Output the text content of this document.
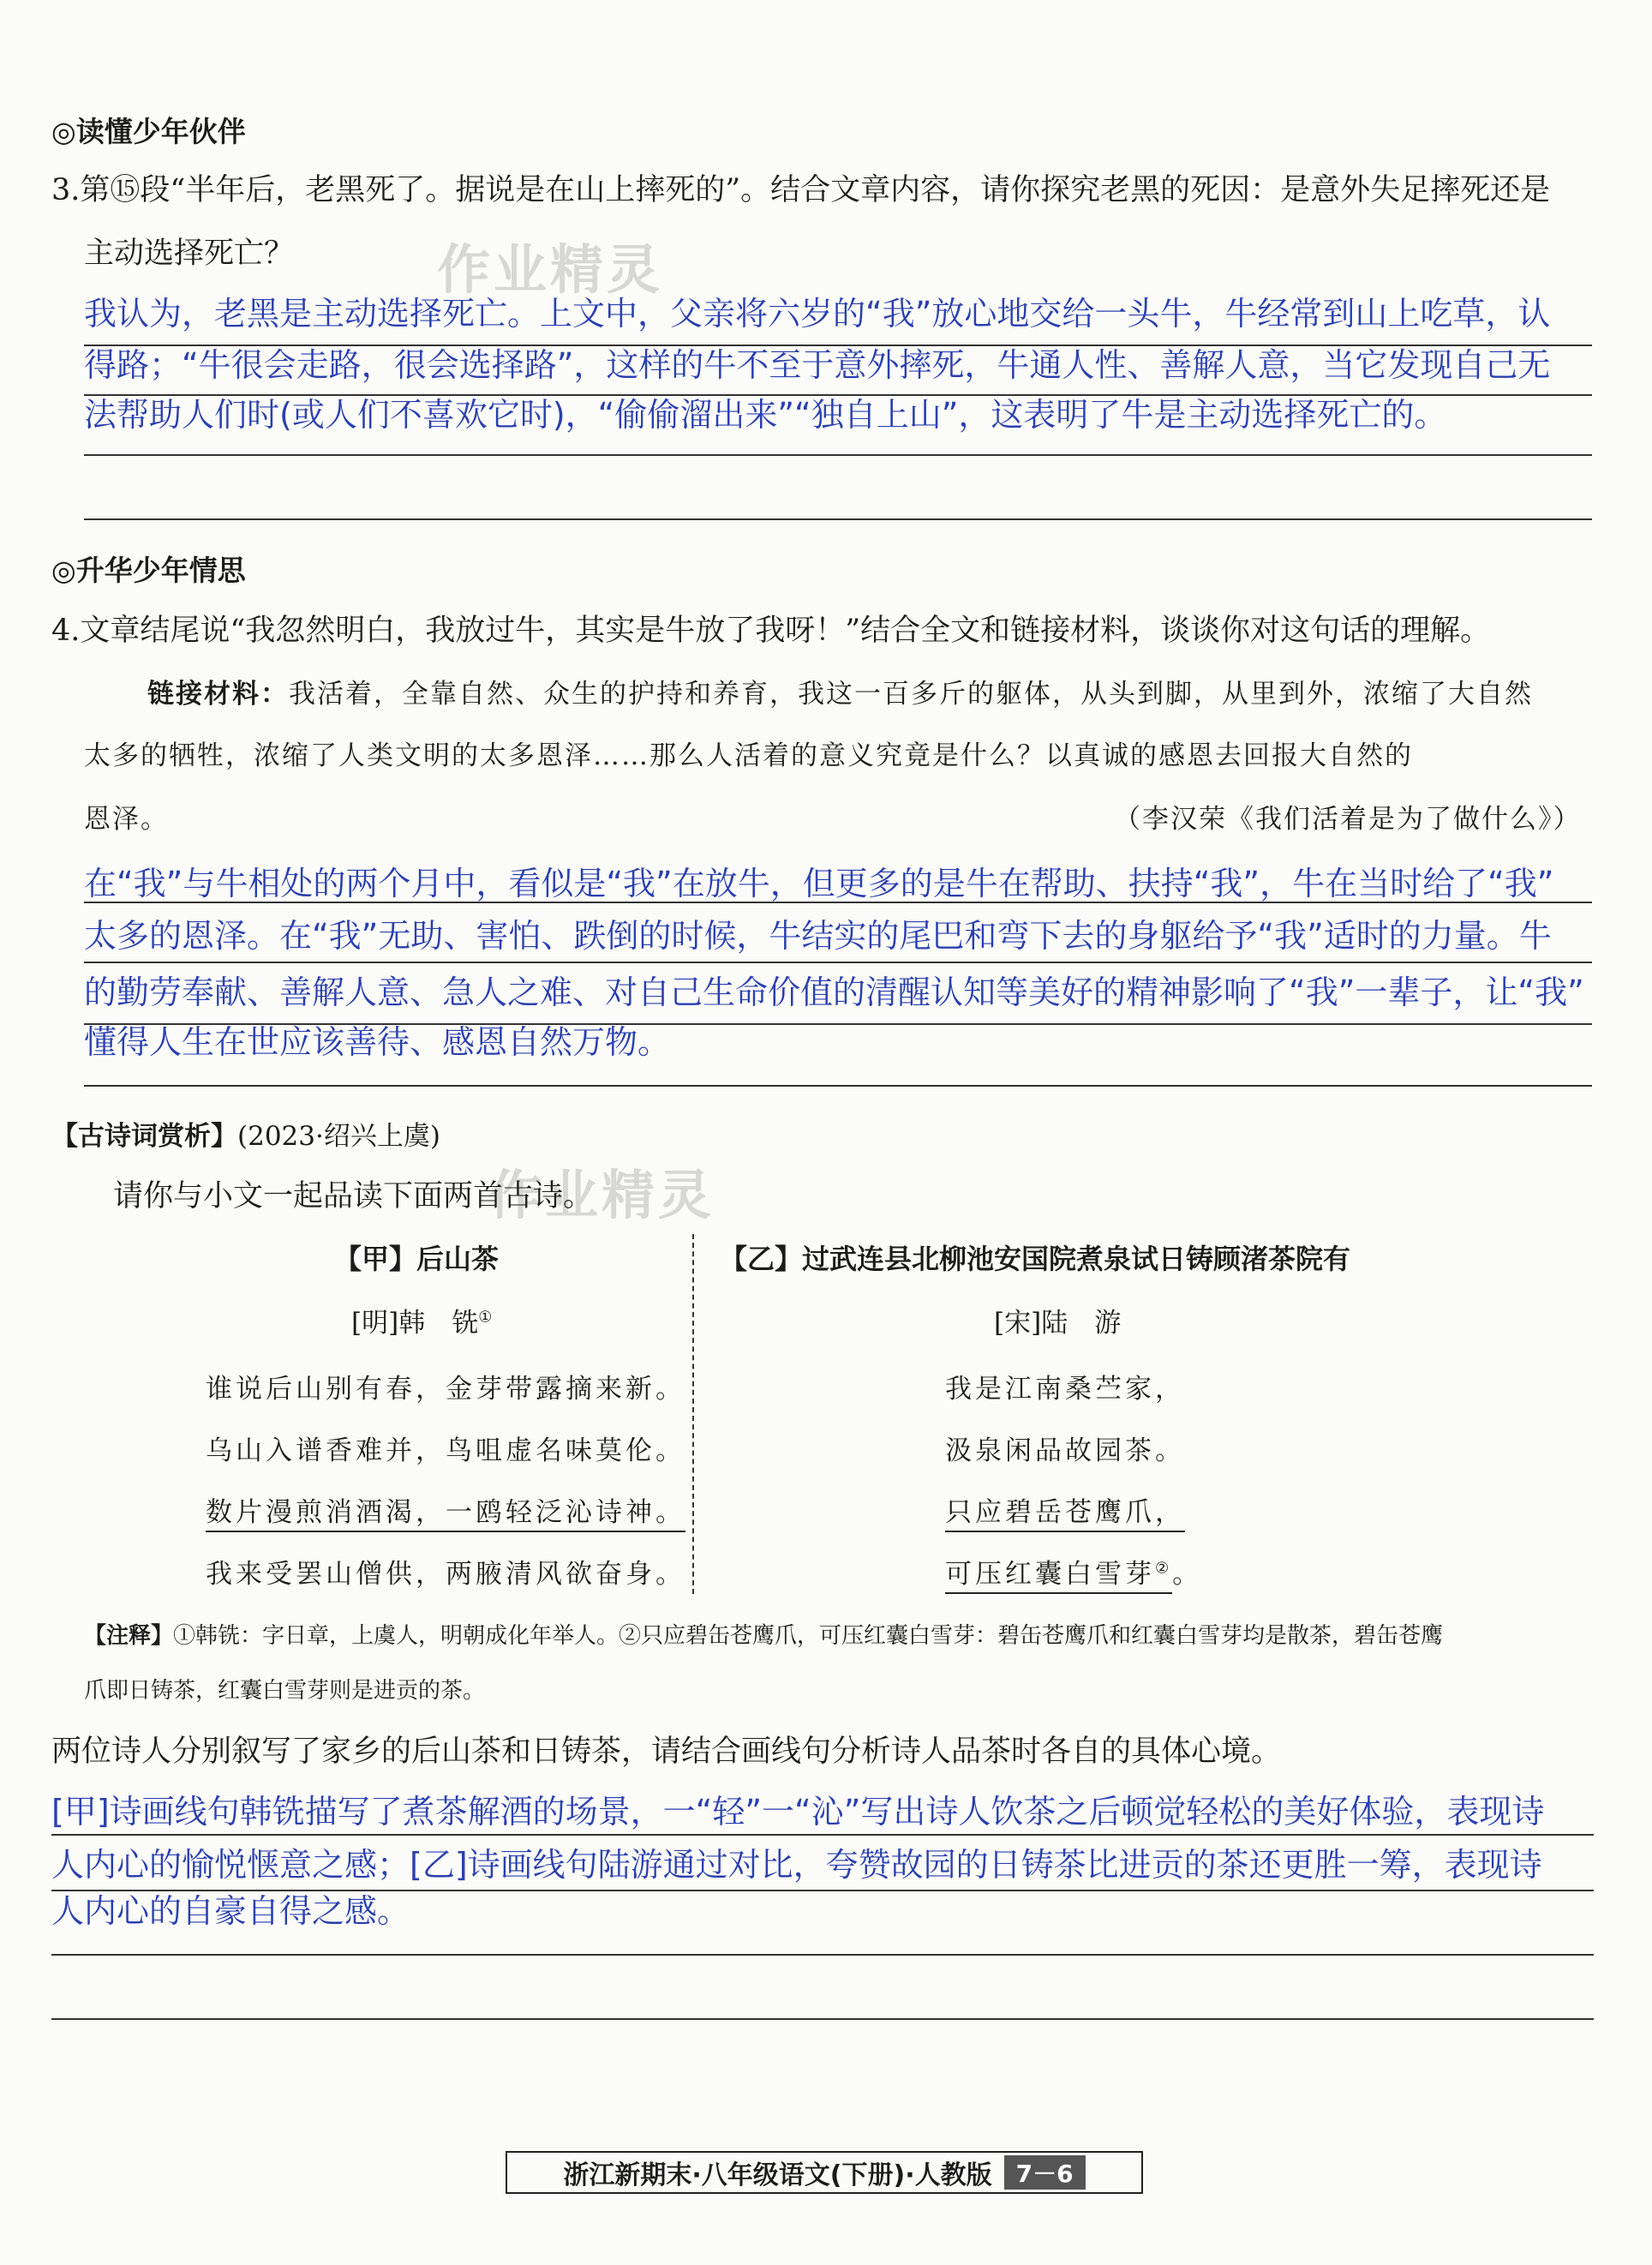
作业精灵
作业精灵
◎读懂少年伙伴
3.第⑮段“半年后，老黑死了。据说是在山上摔死的”。结合文章内容，请你探究老黑的死因：是意外失足摔死还是
主动选择死亡？
我认为，老黑是主动选择死亡。上文中，父亲将六岁的“我”放心地交给一头牛，牛经常到山上吃草，认
得路；“牛很会走路，很会选择路”，这样的牛不至于意外摔死，牛通人性、善解人意，当它发现自己无
法帮助人们时(或人们不喜欢它时)，“偷偷溜出来”“独自上山”，这表明了牛是主动选择死亡的。
◎升华少年情思
4.文章结尾说“我忽然明白，我放过牛，其实是牛放了我呀！”结合全文和链接材料，谈谈你对这句话的理解。
链接材料：我活着，全靠自然、众生的护持和养育，我这一百多斤的躯体，从头到脚，从里到外，浓缩了大自然
太多的牺牲，浓缩了人类文明的太多恩泽……那么人活着的意义究竟是什么？以真诚的感恩去回报大自然的
恩泽。	（李汉荣《我们活着是为了做什么》）
在“我”与牛相处的两个月中，看似是“我”在放牛，但更多的是牛在帮助、扶持“我”，牛在当时给了“我”
太多的恩泽。在“我”无助、害怕、跌倒的时候，牛结实的尾巴和弯下去的身躯给予“我”适时的力量。牛
的勤劳奉献、善解人意、急人之难、对自己生命价值的清醒认知等美好的精神影响了“我”一辈子，让“我”
懂得人生在世应该善待、感恩自然万物。
【古诗词赏析】(2023·绍兴上虞)
请你与小文一起品读下面两首古诗。
【甲】后山茶
[明]韩　铣①
谁说后山别有春，金芽带露摘来新。
乌山入谱香难并，鸟咀虚名味莫伦。
数片漫煎消酒渴，一鸥轻泛沁诗神。
我来受罢山僧供，两腋清风欲奋身。
【乙】过武连县北柳池安国院煮泉试日铸顾渚茶院有
[宋]陆　游
我是江南桑苎家，
汲泉闲品故园茶。
只应碧岳苍鹰爪，
可压红囊白雪芽②。
【注释】①韩铣：字日章，上虞人，明朝成化年举人。②只应碧缶苍鹰爪，可压红囊白雪芽：碧缶苍鹰爪和红囊白雪芽均是散茶，碧缶苍鹰
爪即日铸茶，红囊白雪芽则是进贡的茶。
两位诗人分别叙写了家乡的后山茶和日铸茶，请结合画线句分析诗人品茶时各自的具体心境。
[甲]诗画线句韩铣描写了煮茶解酒的场景，一“轻”一“沁”写出诗人饮茶之后顿觉轻松的美好体验，表现诗
人内心的愉悦惬意之感；[乙]诗画线句陆游通过对比，夸赞故园的日铸茶比进贡的茶还更胜一筹，表现诗
人内心的自豪自得之感。
浙江新期末·八年级语文(下册)·人教版	7－6
